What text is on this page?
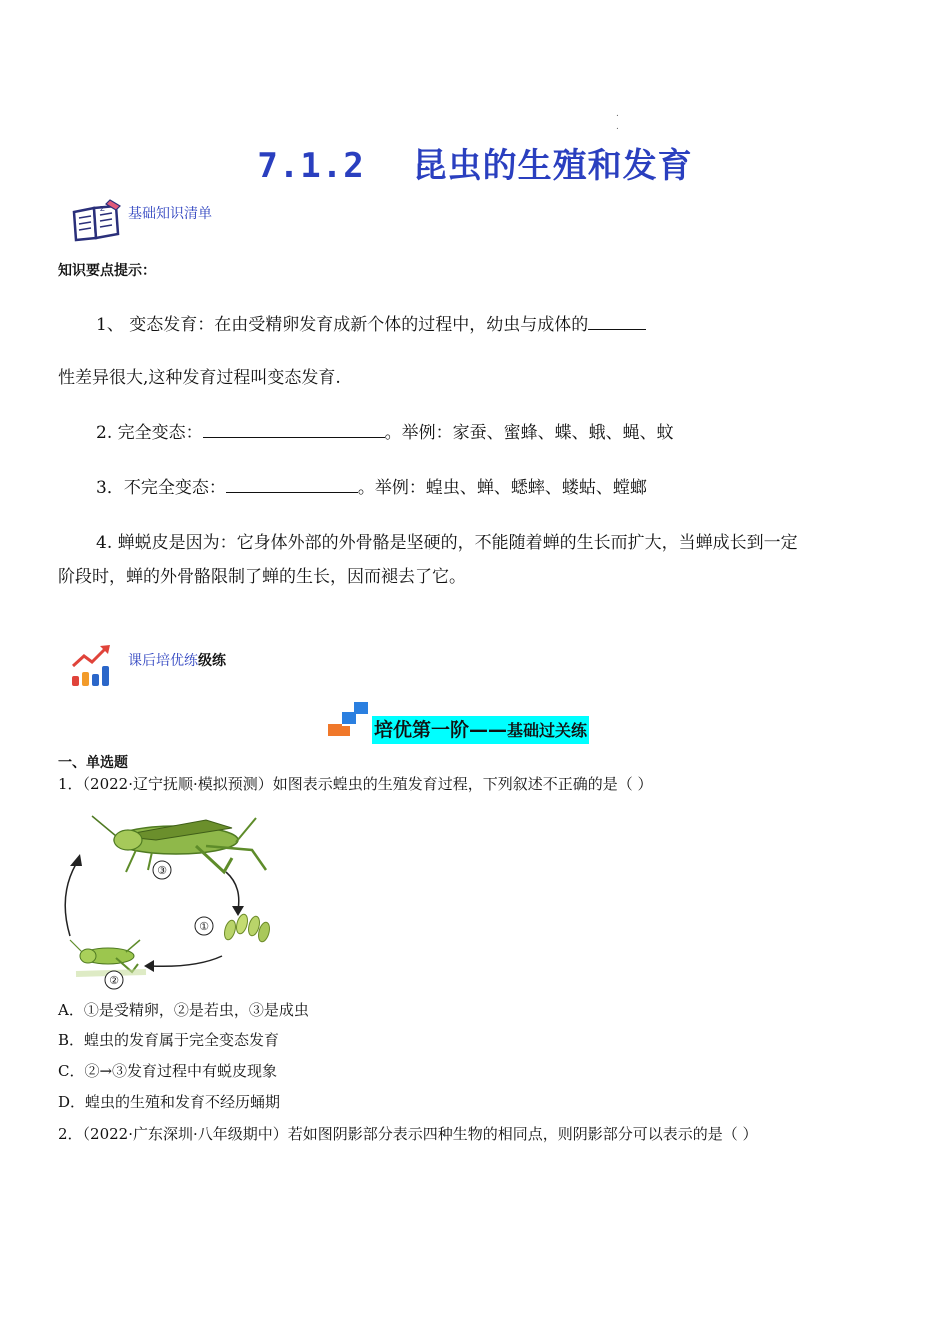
.
.
7.1.2 昆虫的生殖和发育
Z 基础知识清单
知识要点提示：
1、 变态发育：在由受精卵发育成新个体的过程中，幼虫与成体的
性差异很大,这种发育过程叫变态发育.
2. 完全变态：	。举例：家蚕、蜜蜂、蝶、蛾、蝇、蚊
3．不完全变态：	。举例：蝗虫、蝉、蟋蟀、蝼蛄、螳螂
4. 蝉蜕皮是因为：它身体外部的外骨骼是坚硬的，不能随着蝉的生长而扩大，当蝉成长到一定
阶段时，蝉的外骨骼限制了蝉的生长，因而褪去了它。
课后培优练级练
培优第一阶——基础过关练
一、单选题
1．（2022·辽宁抚顺·模拟预测）如图表示蝗虫的生殖发育过程，下列叙述不正确的是（ ）
③
①
②
A．①是受精卵，②是若虫，③是成虫
B．蝗虫的发育属于完全变态发育
C．②→③发育过程中有蜕皮现象
D．蝗虫的生殖和发育不经历蛹期
2．（2022·广东深圳·八年级期中）若如图阴影部分表示四种生物的相同点，则阴影部分可以表示的是（ ）
